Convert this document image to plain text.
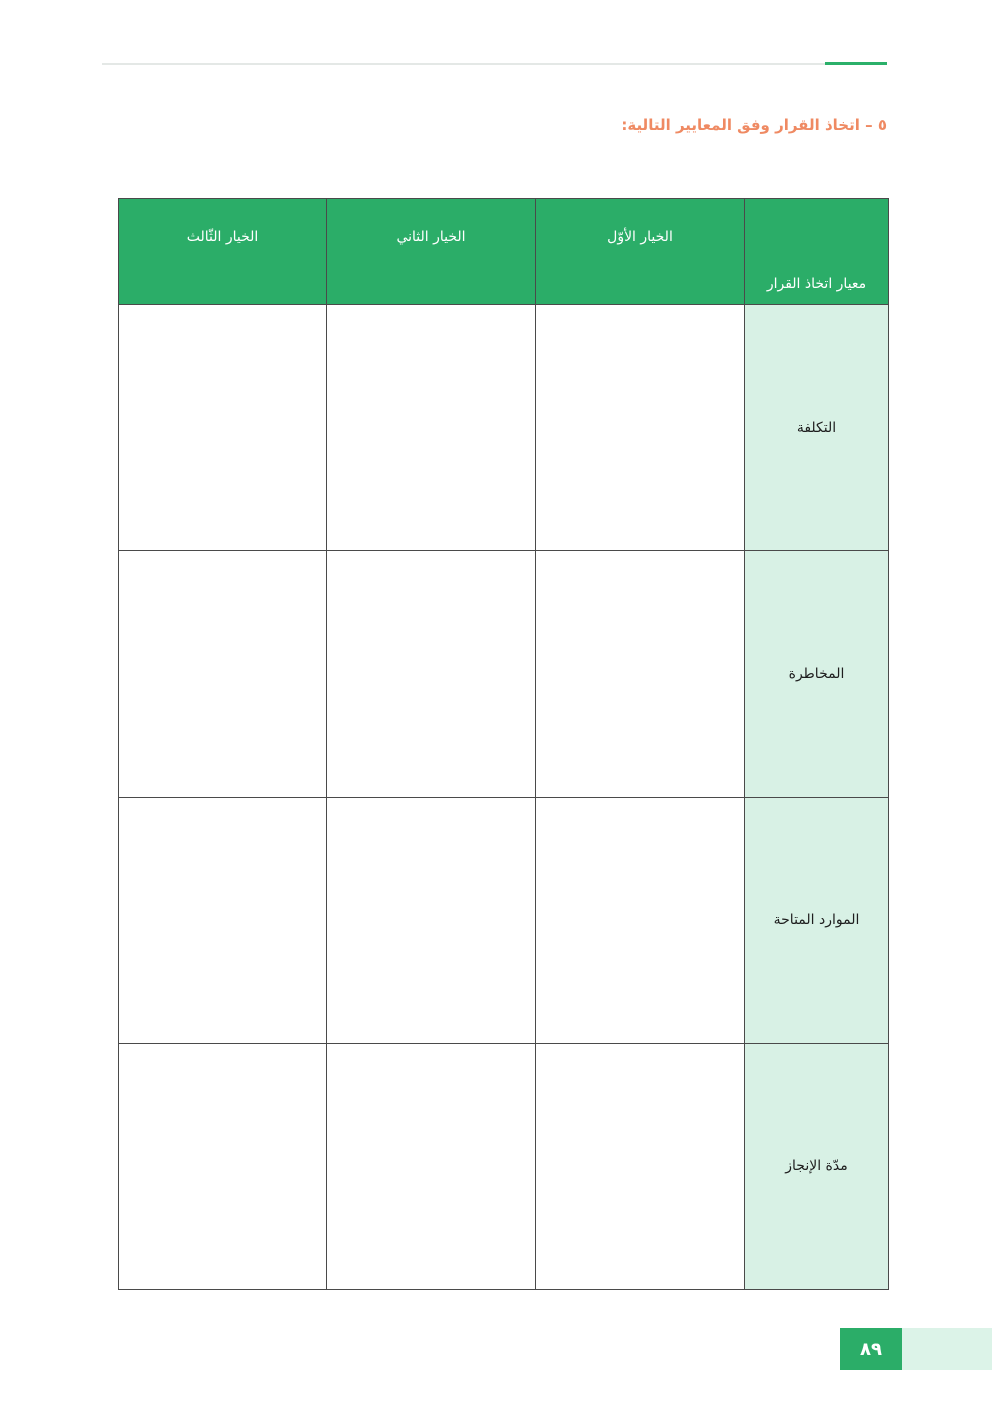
٥ – اتخاذ القرار وفق المعايير التالية:
معيار اتخاذ القرار	الخيار الأوّل	الخيار الثاني	الخيار الثّالث
التكلفة			
المخاطرة			
الموارد المتاحة			
مدّة الإنجاز			
٨٩
